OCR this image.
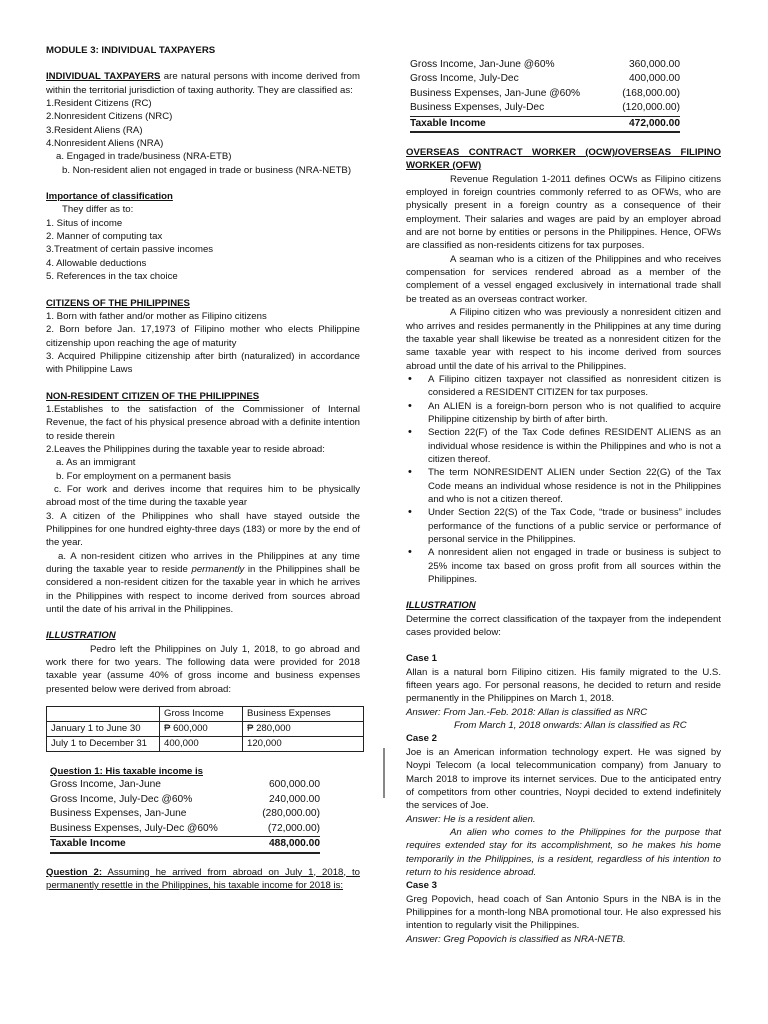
MODULE 3: INDIVIDUAL TAXPAYERS

INDIVIDUAL TAXPAYERS are natural persons with income derived from within the territorial jurisdiction of taxing authority. They are classified as:

1.Resident Citizens (RC)

2.Nonresident Citizens (NRC)

3.Resident Aliens (RA)

4.Nonresident Aliens (NRA)

a. Engaged in trade/business (NRA-ETB)

b. Non-resident alien not engaged in trade or business (NRA-NETB)

Importance of classification

They differ as to:

1. Situs of income

2. Manner of computing tax

3.Treatment of certain passive incomes

4. Allowable deductions

5. References in the tax choice

CITIZENS OF THE PHILIPPINES

1. Born with father and/or mother as Filipino citizens

2. Born before Jan. 17,1973 of Filipino mother who elects Philippine citizenship upon reaching the age of maturity

3. Acquired Philippine citizenship after birth (naturalized) in accordance with Philippine Laws

NON-RESIDENT CITIZEN OF THE PHILIPPINES

1.Establishes to the satisfaction of the Commissioner of Internal Revenue, the fact of his physical presence abroad with a definite intention to reside therein

2.Leaves the Philippines during the taxable year to reside abroad:

a. As an immigrant

b. For employment on a permanent basis

c. For work and derives income that requires him to be physically abroad most of the time during the taxable year

3. A citizen of the Philippines who shall have stayed outside the Philippines for one hundred eighty-three days (183) or more by the end of the year.

a. A non-resident citizen who arrives in the Philippines at any time during the taxable year to reside permanently in the Philippines shall be considered a non-resident citizen for the taxable year in which he arrives in the Philippines with respect to income derived from sources abroad until the date of his arrival in the Philippines.

ILLUSTRATION

Pedro left the Philippines on July 1, 2018, to go abroad and work there for two years. The following data were provided for 2018 taxable year (assume 40% of gross income and business expenses presented below were derived from abroad:

	Gross Income	Business Expenses
January 1 to June 30	₱ 600,000	₱ 280,000
July 1 to December 31	400,000	120,000

Question 1: His taxable income is

Gross Income, Jan-June	600,000.00
Gross Income, July-Dec @60%	240,000.00
Business Expenses, Jan-June	(280,000.00)
Business Expenses, July-Dec @60%	(72,000.00)
Taxable Income	488,000.00

Question 2: Assuming he arrived from abroad on July 1, 2018, to permanently resettle in the Philippines, his taxable income for 2018 is:

Gross Income, Jan-June @60%	360,000.00
Gross Income, July-Dec	400,000.00
Business Expenses, Jan-June @60%	(168,000.00)
Business Expenses, July-Dec	(120,000.00)
Taxable Income	472,000.00

OVERSEAS CONTRACT WORKER (OCW)/OVERSEAS FILIPINO WORKER (OFW)

Revenue Regulation 1-2011 defines OCWs as Filipino citizens employed in foreign countries commonly referred to as OFWs, who are physically present in a foreign country as a consequence of their employment. Their salaries and wages are paid by an employer abroad and are not borne by entities or persons in the Philippines. Hence, OFWs are classified as non-residents citizens for tax purposes.

A seaman who is a citizen of the Philippines and who receives compensation for services rendered abroad as a member of the complement of a vessel engaged exclusively in international trade shall be treated as an overseas contract worker.

A Filipino citizen who was previously a nonresident citizen and who arrives and resides permanently in the Philippines at any time during the taxable year shall likewise be treated as a nonresident citizen for the same taxable year with respect to his income derived from sources abroad until the date of his arrival to the Philippines.

• A Filipino citizen taxpayer not classified as nonresident citizen is considered a RESIDENT CITIZEN for tax purposes.
• An ALIEN is a foreign-born person who is not qualified to acquire Philippine citizenship by birth of after birth.
• Section 22(F) of the Tax Code defines RESIDENT ALIENS as an individual whose residence is within the Philippines and who is not a citizen thereof.
• The term NONRESIDENT ALIEN under Section 22(G) of the Tax Code means an individual whose residence is not in the Philippines and who is not a citizen thereof.
• Under Section 22(S) of the Tax Code, “trade or business” includes performance of the functions of a public service or performance of personal service in the Philippines.
• A nonresident alien not engaged in trade or business is subject to 25% income tax based on gross profit from all sources within the Philippines.

ILLUSTRATION

Determine the correct classification of the taxpayer from the independent cases provided below:

Case 1

Allan is a natural born Filipino citizen. His family migrated to the U.S. fifteen years ago. For personal reasons, he decided to return and reside permanently in the Philippines on March 1, 2018.

Answer: From Jan.-Feb. 2018: Allan is classified as NRC

From March 1, 2018 onwards: Allan is classified as RC

Case 2

Joe is an American information technology expert. He was signed by Noypi Telecom (a local telecommunication company) from January to March 2018 to improve its internet services. Due to the anticipated entry of competitors from other countries, Noypi decided to extend indefinitely the services of Joe.

Answer: He is a resident alien.

An alien who comes to the Philippines for the purpose that requires extended stay for its accomplishment, so he makes his home temporarily in the Philippines, is a resident, regardless of his intention to return to his residence abroad.

Case 3

Greg Popovich, head coach of San Antonio Spurs in the NBA is in the Philippines for a month-long NBA promotional tour. He also expressed his intention to regularly visit the Philippines.

Answer: Greg Popovich is classified as NRA-NETB.
